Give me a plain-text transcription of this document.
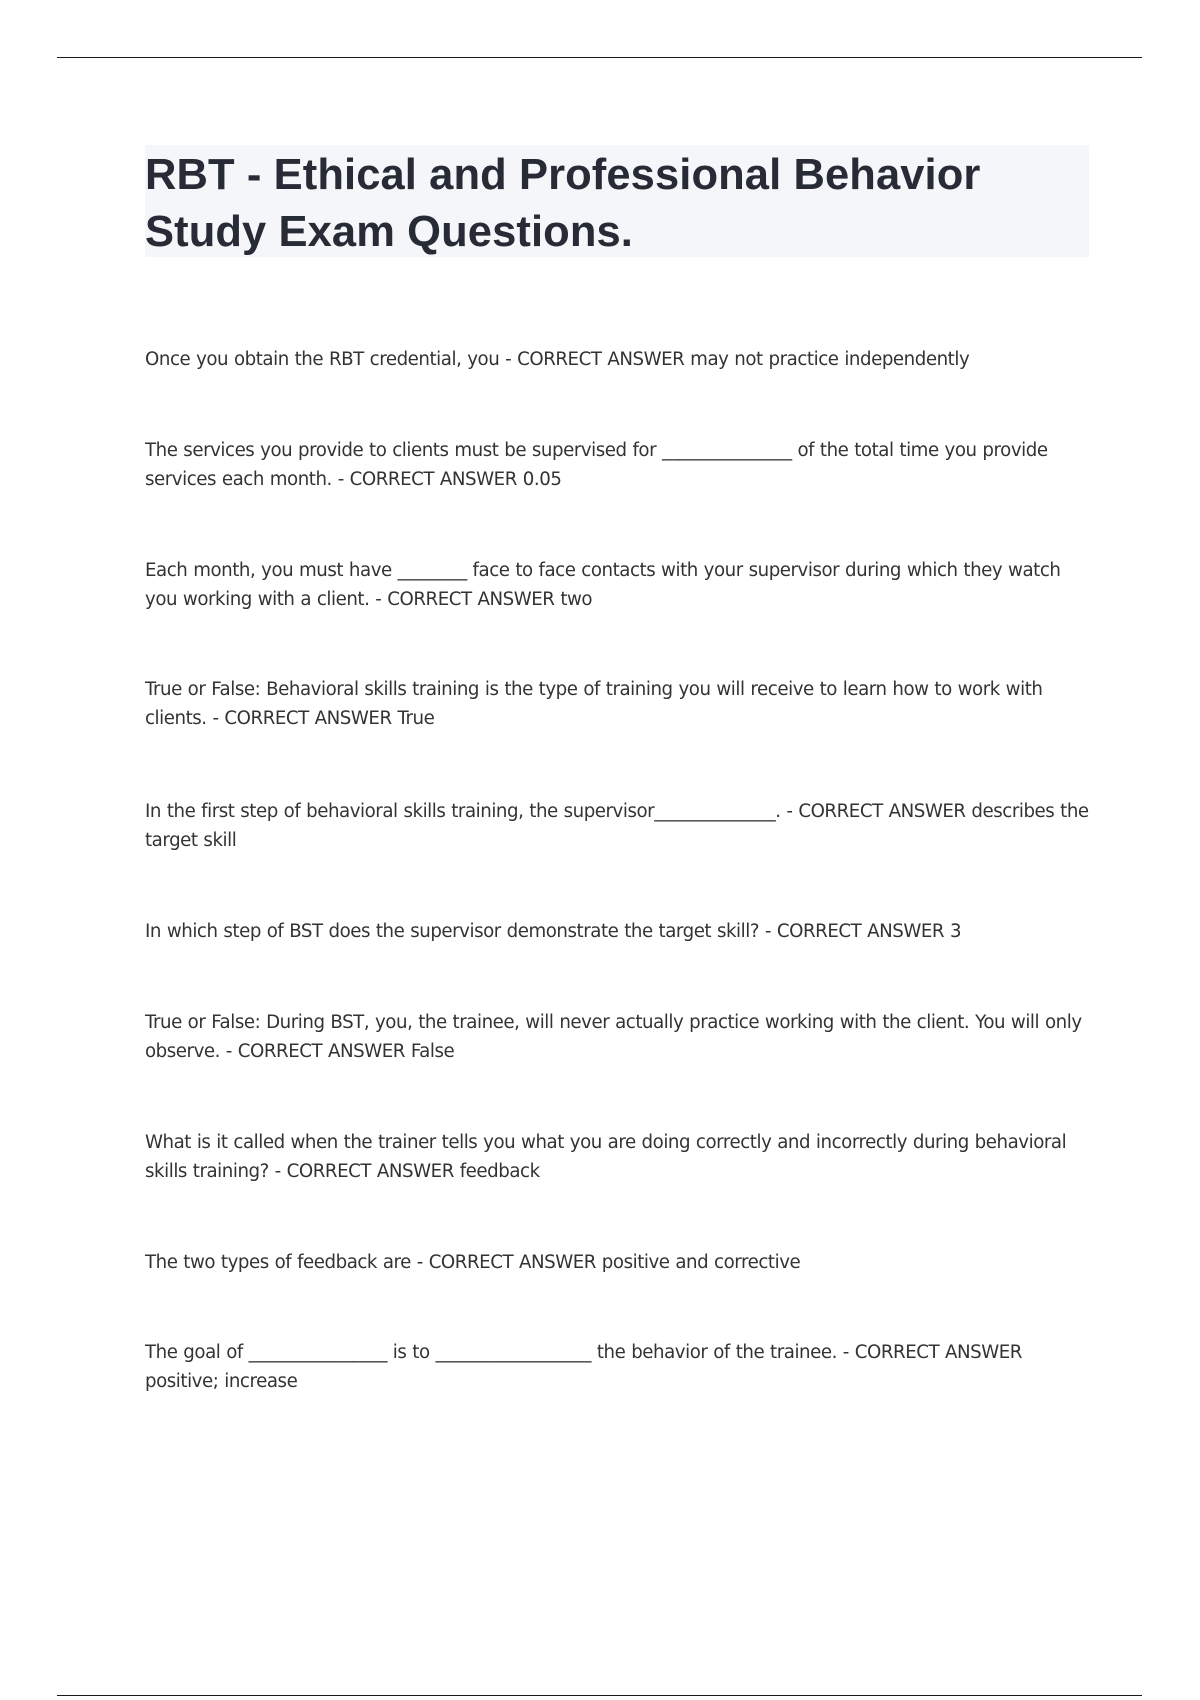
RBT - Ethical and Professional Behavior Study Exam Questions.
Once you obtain the RBT credential, you - CORRECT ANSWER may not practice independently
The services you provide to clients must be supervised for _______________ of the total time you provide services each month. - CORRECT ANSWER 0.05
Each month, you must have ________ face to face contacts with your supervisor during which they watch you working with a client. - CORRECT ANSWER two
True or False: Behavioral skills training is the type of training you will receive to learn how to work with clients. - CORRECT ANSWER True
In the first step of behavioral skills training, the supervisor______________. - CORRECT ANSWER describes the target skill
In which step of BST does the supervisor demonstrate the target skill? - CORRECT ANSWER 3
True or False: During BST, you, the trainee, will never actually practice working with the client. You will only observe. - CORRECT ANSWER False
What is it called when the trainer tells you what you are doing correctly and incorrectly during behavioral skills training? - CORRECT ANSWER feedback
The two types of feedback are - CORRECT ANSWER positive and corrective
The goal of ________________ is to __________________ the behavior of the trainee. - CORRECT ANSWER positive; increase
